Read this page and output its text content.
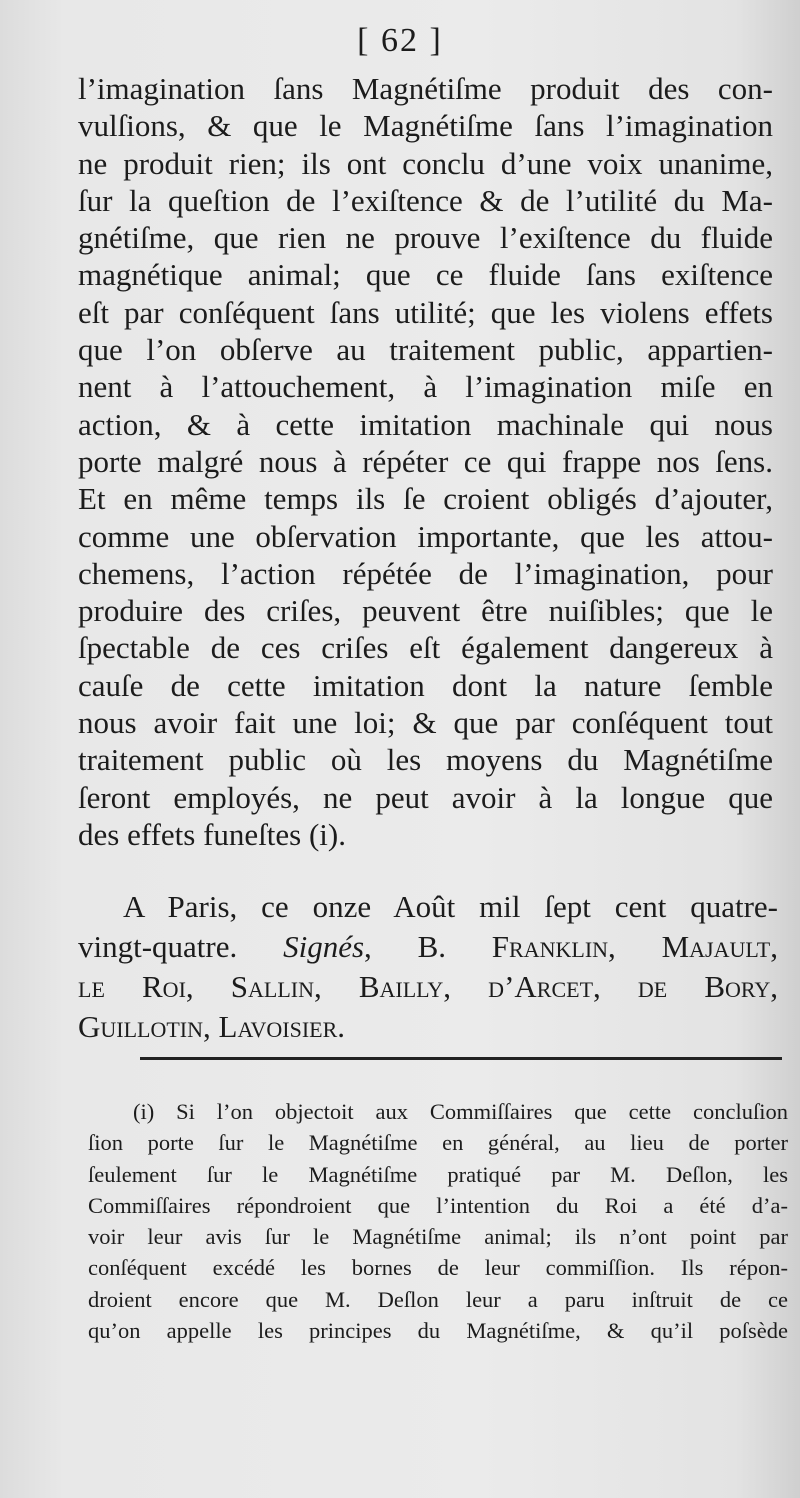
[ 62 ]
l’imagination ſans Magnétiſme produit des con-
vulſions, & que le Magnétiſme ſans l’imagination
ne produit rien; ils ont conclu d’une voix unanime,
ſur la queſtion de l’exiſtence & de l’utilité du Ma-
gnétiſme, que rien ne prouve l’exiſtence du fluide
magnétique animal; que ce fluide ſans exiſtence
eſt par conſéquent ſans utilité; que les violens effets
que l’on obſerve au traitement public, appartien-
nent à l’attouchement, à l’imagination miſe en
action, & à cette imitation machinale qui nous
porte malgré nous à répéter ce qui frappe nos ſens.
Et en même temps ils ſe croient obligés d’ajouter,
comme une obſervation importante, que les attou-
chemens, l’action répétée de l’imagination, pour
produire des criſes, peuvent être nuiſibles; que le
ſpectable de ces criſes eſt également dangereux à
cauſe de cette imitation dont la nature ſemble
nous avoir fait une loi; & que par conſéquent tout
traitement public où les moyens du Magnétiſme
ſeront employés, ne peut avoir à la longue que
des effets funeſtes (i).
A Paris, ce onze Août mil ſept cent quatre-
vingt-quatre. Signés, B. Franklin, Majault,
le Roi, Sallin, Bailly, d’Arcet, de Bory,
Guillotin, Lavoisier.
(i) Si l’on objectoit aux Commiſſaires que cette concluſion
ſion porte ſur le Magnétiſme en général, au lieu de porter
ſeulement ſur le Magnétiſme pratiqué par M. Deſlon, les
Commiſſaires répondroient que l’intention du Roi a été d’a-
voir leur avis ſur le Magnétiſme animal; ils n’ont point par
conſéquent excédé les bornes de leur commiſſion. Ils répon-
droient encore que M. Deſlon leur a paru inſtruit de ce
qu’on appelle les principes du Magnétiſme, & qu’il poſsède
